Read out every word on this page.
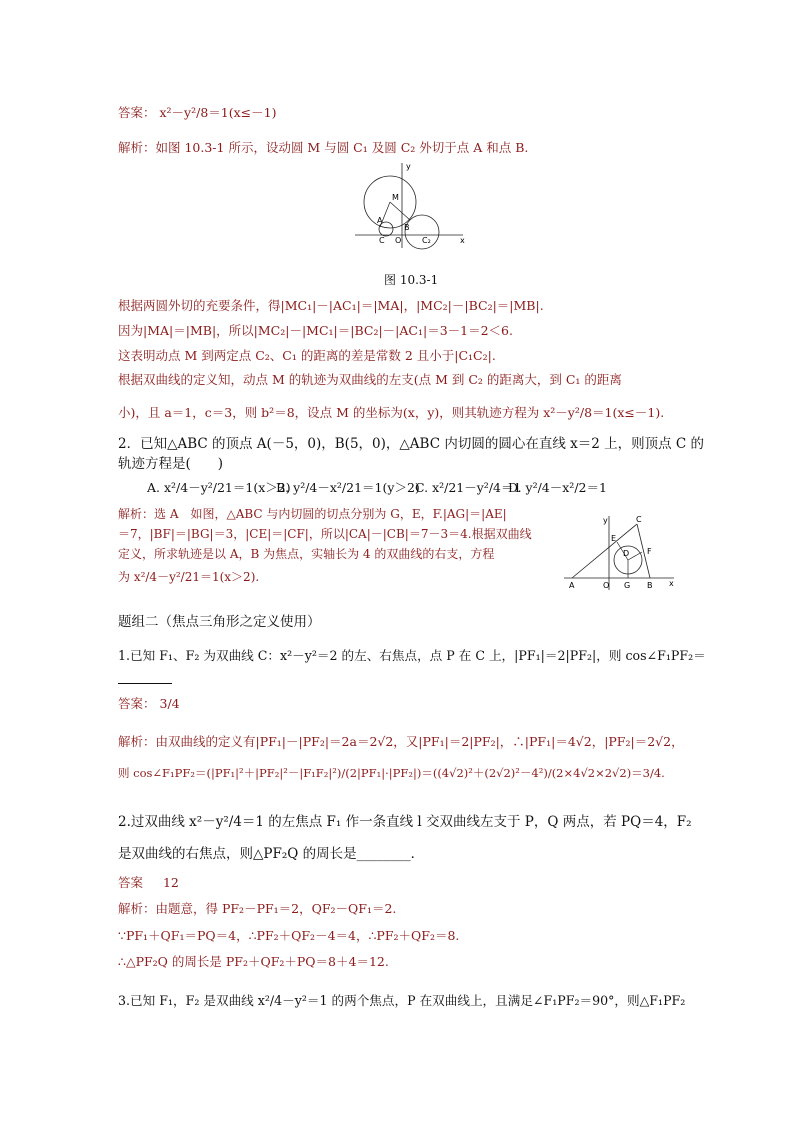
答案： x²－y²/8＝1(x≤－1)
解析：如图 10.3-1 所示，设动圆 M 与圆 C₁ 及圆 C₂ 外切于点 A 和点 B.
y
M
A
B
C O	C₂	x
图 10.3-1
根据两圆外切的充要条件，得|MC₁|－|AC₁|＝|MA|，|MC₂|－|BC₂|＝|MB|.
因为|MA|＝|MB|，所以|MC₂|－|MC₁|＝|BC₂|－|AC₁|＝3－1＝2＜6.
这表明动点 M 到两定点 C₂、C₁ 的距离的差是常数 2 且小于|C₁C₂|.
根据双曲线的定义知，动点 M 的轨迹为双曲线的左支(点 M 到 C₂ 的距离大，到 C₁ 的距离
小)，且 a＝1，c＝3，则 b²＝8，设点 M 的坐标为(x，y)，则其轨迹方程为 x²－y²/8＝1(x≤－1).
2．已知△ABC 的顶点 A(－5，0)，B(5，0)，△ABC 内切圆的圆心在直线 x＝2 上，则顶点 C 的
轨迹方程是(　　)
A. x²/4－y²/21＝1(x＞2)
B. y²/4－x²/21＝1(y＞2)
C. x²/21－y²/4＝1
D. y²/4－x²/2＝1
解析：选 A　如图，△ABC 与内切圆的切点分别为 G，E，F.|AG|＝|AE|
＝7，|BF|＝|BG|＝3，|CE|＝|CF|，所以|CA|－|CB|＝7－3＝4.根据双曲线
定义，所求轨迹是以 A，B 为焦点，实轴长为 4 的双曲线的右支，方程
为 x²/4－y²/21＝1(x＞2).
y	C
E
D F
A	O G B x
题组二（焦点三角形之定义使用）
1.已知 F₁、F₂ 为双曲线 C：x²－y²＝2 的左、右焦点，点 P 在 C 上，|PF₁|＝2|PF₂|，则 cos∠F₁PF₂＝
答案： 3/4
解析：由双曲线的定义有|PF₁|－|PF₂|＝2a＝2√2，又|PF₁|＝2|PF₂|，∴|PF₁|＝4√2，|PF₂|＝2√2，
则 cos∠F₁PF₂＝(|PF₁|²＋|PF₂|²－|F₁F₂|²)/(2|PF₁|·|PF₂|)＝((4√2)²＋(2√2)²－4²)/(2×4√2×2√2)＝3/4.
2.过双曲线 x²－y²/4＝1 的左焦点 F₁ 作一条直线 l 交双曲线左支于 P，Q 两点，若 PQ＝4，F₂
是双曲线的右焦点，则△PF₂Q 的周长是________．
答案 12
解析：由题意，得 PF₂－PF₁＝2，QF₂－QF₁＝2.
∵PF₁＋QF₁＝PQ＝4，∴PF₂＋QF₂－4＝4，∴PF₂＋QF₂＝8.
∴△PF₂Q 的周长是 PF₂＋QF₂＋PQ＝8＋4＝12.
3.已知 F₁，F₂ 是双曲线 x²/4－y²＝1 的两个焦点，P 在双曲线上，且满足∠F₁PF₂＝90°，则△F₁PF₂
